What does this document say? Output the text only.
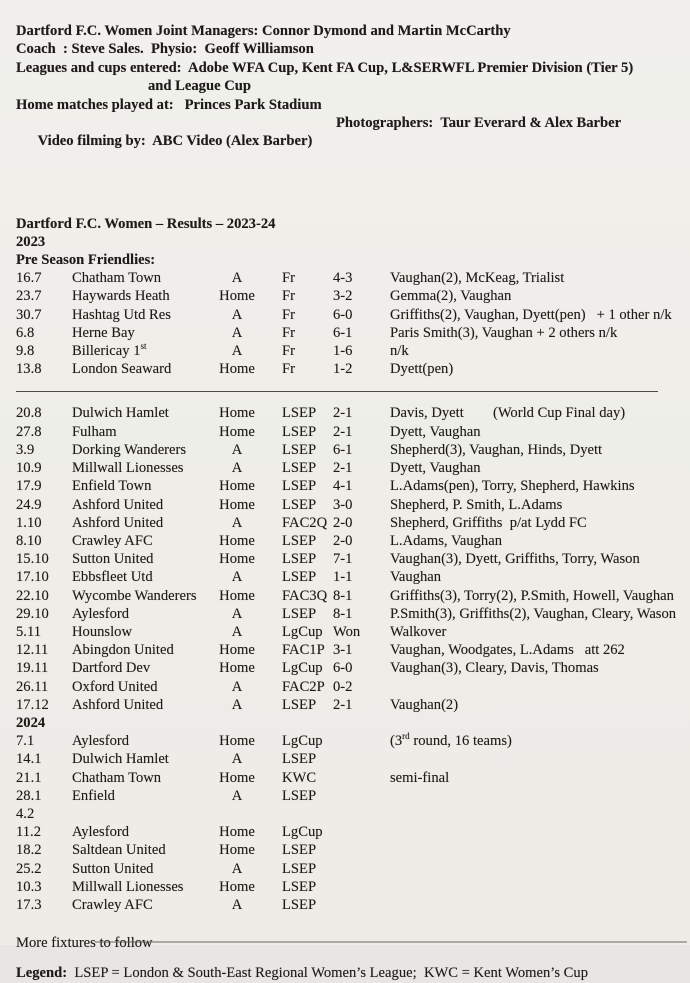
Dartford F.C. Women Joint Managers: Connor Dymond and Martin McCarthy
Coach  : Steve Sales.  Physio:  Geoff Williamson
Leagues and cups entered:  Adobe WFA Cup, Kent FA Cup, L&SERWFL Premier Division (Tier 5)
and League Cup
Home matches played at:   Princes Park Stadium

Video filming by:  ABC Video (Alex Barber)

Photographers:  Taur Everard & Alex Barber

Dartford F.C. Women – Results – 2023-24
2023
Pre Season Friendlies:
16.7	Chatham Town	A	Fr	4-3	Vaughan(2), McKeag, Trialist
23.7	Haywards Heath	Home	Fr	3-2	Gemma(2), Vaughan
30.7	Hashtag Utd Res	A	Fr	6-0	Griffiths(2), Vaughan, Dyett(pen)   + 1 other n/k
6.8	Herne Bay	A	Fr	6-1	Paris Smith(3), Vaughan + 2 others n/k
9.8	Billericay 1st	A	Fr	1-6	n/k
13.8	London Seaward	Home	Fr	1-2	Dyett(pen)
20.8	Dulwich Hamlet	Home	LSEP	2-1	Davis, Dyett        (World Cup Final day)
27.8	Fulham	Home	LSEP	2-1	Dyett, Vaughan
3.9	Dorking Wanderers	A	LSEP	6-1	Shepherd(3), Vaughan, Hinds, Dyett
10.9	Millwall Lionesses	A	LSEP	2-1	Dyett, Vaughan
17.9	Enfield Town	Home	LSEP	4-1	L.Adams(pen), Torry, Shepherd, Hawkins
24.9	Ashford United	Home	LSEP	3-0	Shepherd, P. Smith, L.Adams
1.10	Ashford United	A	FAC2Q 2-0	Shepherd, Griffiths  p/at Lydd FC
8.10	Crawley AFC	Home	LSEP	2-0	L.Adams, Vaughan
15.10	Sutton United	Home	LSEP	7-1	Vaughan(3), Dyett, Griffiths, Torry, Wason
17.10	Ebbsfleet Utd	A	LSEP	1-1	Vaughan
22.10	Wycombe Wanderers	Home	FAC3Q 8-1	Griffiths(3), Torry(2), P.Smith, Howell, Vaughan
29.10	Aylesford	A	LSEP	8-1	P.Smith(3), Griffiths(2), Vaughan, Cleary, Wason
5.11	Hounslow	A	LgCup Won	Walkover
12.11	Abingdon United	Home	FAC1P 3-1	Vaughan, Woodgates, L.Adams   att 262
19.11	Dartford Dev	Home	LgCup 6-0	Vaughan(3), Cleary, Davis, Thomas
26.11	Oxford United	A	FAC2P 0-2
17.12	Ashford United	A	LSEP	2-1	Vaughan(2)
2024
7.1	Aylesford	Home	LgCup	(3rd round, 16 teams)
14.1	Dulwich Hamlet	A	LSEP
21.1	Chatham Town	Home	KWC	semi-final
28.1	Enfield	A	LSEP
4.2
11.2	Aylesford	Home	LgCup
18.2	Saltdean United	Home	LSEP
25.2	Sutton United	A	LSEP
10.3	Millwall Lionesses	Home	LSEP
17.3	Crawley AFC	A	LSEP
More fixtures to follow
Legend:  LSEP = London & South-East Regional Women’s League;  KWC = Kent Women’s Cup
